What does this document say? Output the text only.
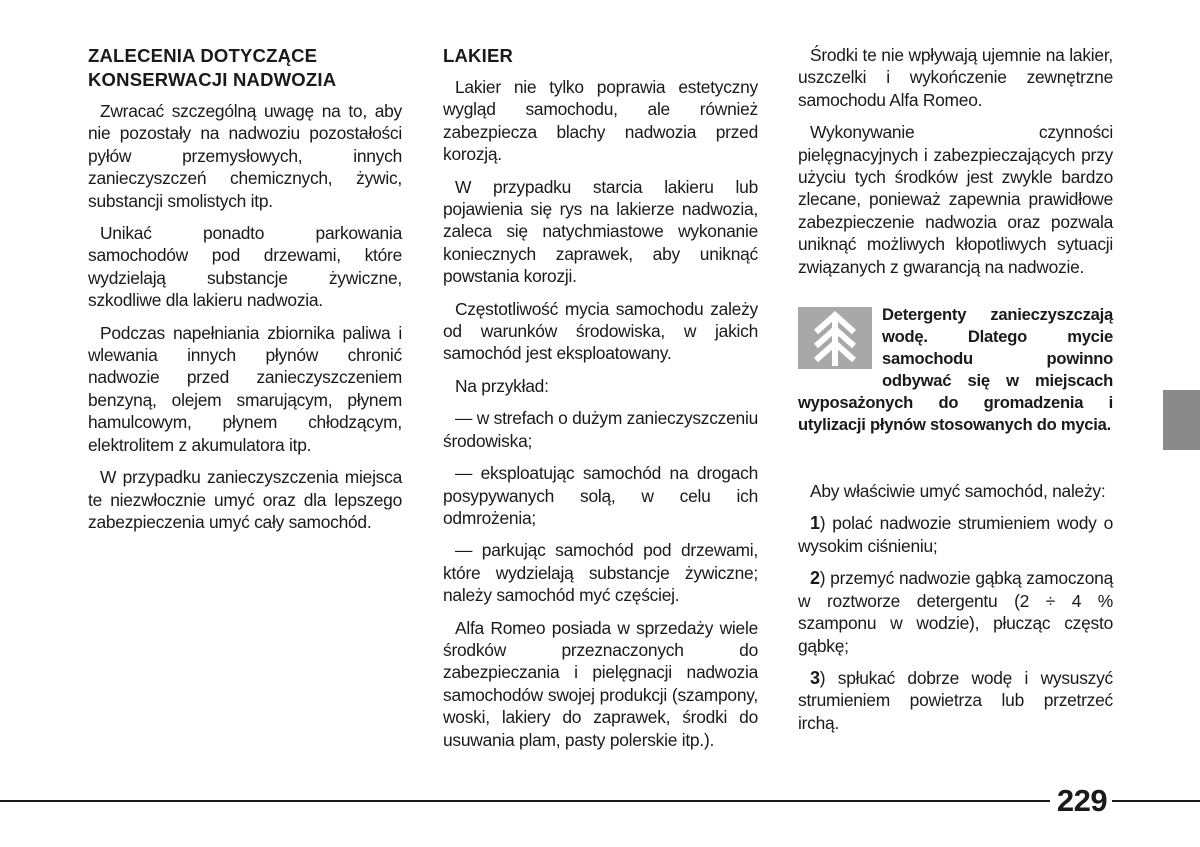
ZALECENIA DOTYCZĄCE
KONSERWACJI NADWOZIA

Zwracać szczególną uwagę na to, aby nie pozostały na nadwoziu pozostałości pyłów przemysłowych, innych zanieczyszczeń chemicznych, żywic, substancji smolistych itp.

Unikać ponadto parkowania samochodów pod drzewami, które wydzielają substancje żywiczne, szkodliwe dla lakieru nadwozia.

Podczas napełniania zbiornika paliwa i wlewania innych płynów chronić nadwozie przed zanieczyszczeniem benzyną, olejem smarującym, płynem hamulcowym, płynem chłodzącym, elektrolitem z akumulatora itp.

W przypadku zanieczyszczenia miejsca te niezwłocznie umyć oraz dla lepszego zabezpieczenia umyć cały samochód.

LAKIER

Lakier nie tylko poprawia estetyczny wygląd samochodu, ale również zabezpiecza blachy nadwozia przed korozją.

W przypadku starcia lakieru lub pojawienia się rys na lakierze nadwozia, zaleca się natychmiastowe wykonanie koniecznych zaprawek, aby uniknąć powstania korozji.

Częstotliwość mycia samochodu zależy od warunków środowiska, w jakich samochód jest eksploatowany.

Na przykład:

— w strefach o dużym zanieczyszczeniu środowiska;

— eksploatując samochód na drogach posypywanych solą, w celu ich odmrożenia;

— parkując samochód pod drzewami, które wydzielają substancje żywiczne; należy samochód myć częściej.

Alfa Romeo posiada w sprzedaży wiele środków przeznaczonych do zabezpieczania i pielęgnacji nadwozia samochodów swojej produkcji (szampony, woski, lakiery do zaprawek, środki do usuwania plam, pasty polerskie itp.).

Środki te nie wpływają ujemnie na lakier, uszczelki i wykończenie zewnętrzne samochodu Alfa Romeo.

Wykonywanie czynności pielęgnacyjnych i zabezpieczających przy użyciu tych środków jest zwykle bardzo zlecane, ponieważ zapewnia prawidłowe zabezpieczenie nadwozia oraz pozwala uniknąć możliwych kłopotliwych sytuacji związanych z gwarancją na nadwozie.

Detergenty zanieczyszczają wodę. Dlatego mycie samochodu powinno odbywać się w miejscach wyposażonych do gromadzenia i utylizacji płynów stosowanych do mycia.

Aby właściwie umyć samochód, należy:

1) polać nadwozie strumieniem wody o wysokim ciśnieniu;

2) przemyć nadwozie gąbką zamoczoną w roztworze detergentu (2 ÷ 4 % szamponu w wodzie), płucząc często gąbkę;

3) spłukać dobrze wodę i wysuszyć strumieniem powietrza lub przetrzeć irchą.

229
